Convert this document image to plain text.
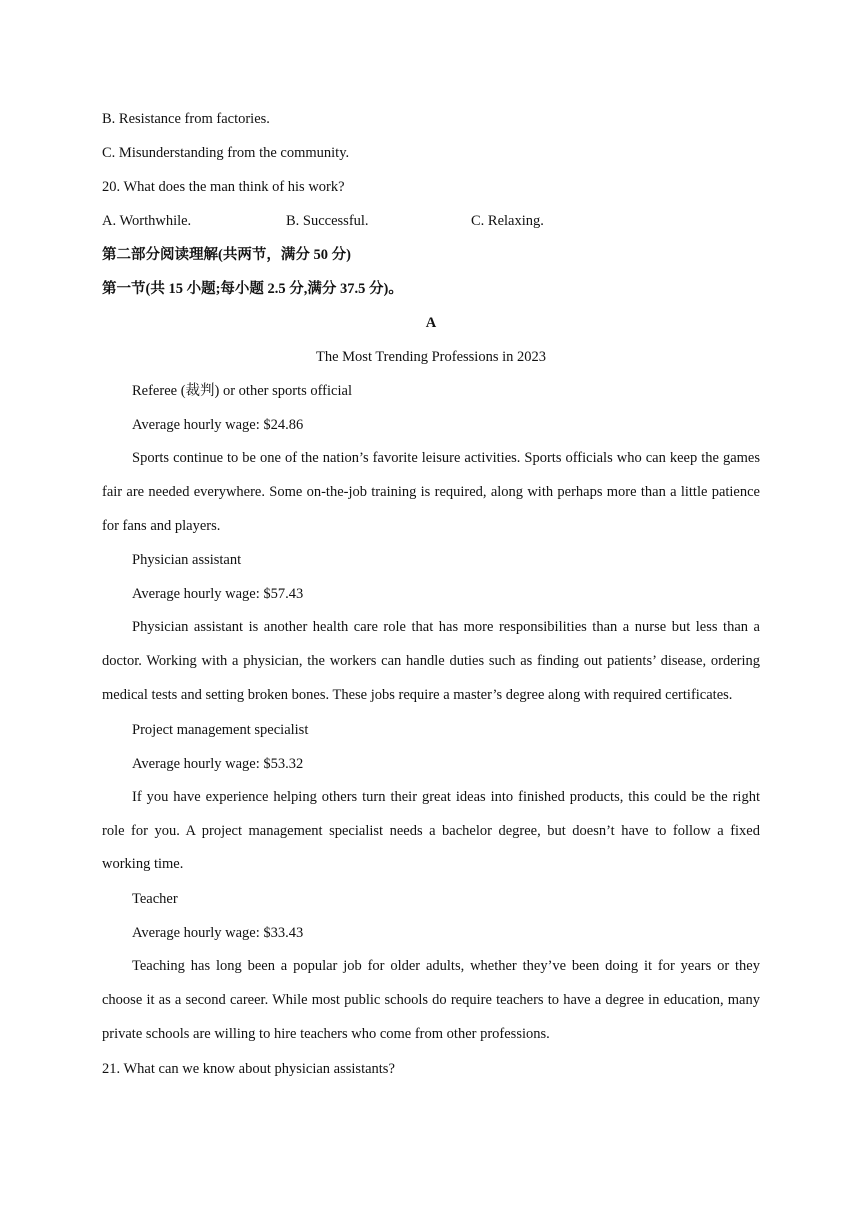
B. Resistance from factories.
C. Misunderstanding from the community.
20. What does the man think of his work?
A. Worthwhile.	B. Successful.	C. Relaxing.
第二部分阅读理解(共两节，满分 50 分)
第一节(共 15 小题;每小题 2.5 分,满分 37.5 分)。
A
The Most Trending Professions in 2023
Referee (裁判) or other sports official
Average hourly wage: $24.86
Sports continue to be one of the nation’s favorite leisure activities. Sports officials who can keep the games fair are needed everywhere. Some on-the-job training is required, along with perhaps more than a little patience for fans and players.
Physician assistant
Average hourly wage: $57.43
Physician assistant is another health care role that has more responsibilities than a nurse but less than a doctor. Working with a physician, the workers can handle duties such as finding out patients’ disease, ordering medical tests and setting broken bones. These jobs require a master’s degree along with required certificates.
Project management specialist
Average hourly wage: $53.32
If you have experience helping others turn their great ideas into finished products, this could be the right role for you. A project management specialist needs a bachelor degree, but doesn’t have to follow a fixed working time.
Teacher
Average hourly wage: $33.43
Teaching has long been a popular job for older adults, whether they’ve been doing it for years or they choose it as a second career. While most public schools do require teachers to have a degree in education, many private schools are willing to hire teachers who come from other professions.
21. What can we know about physician assistants?
